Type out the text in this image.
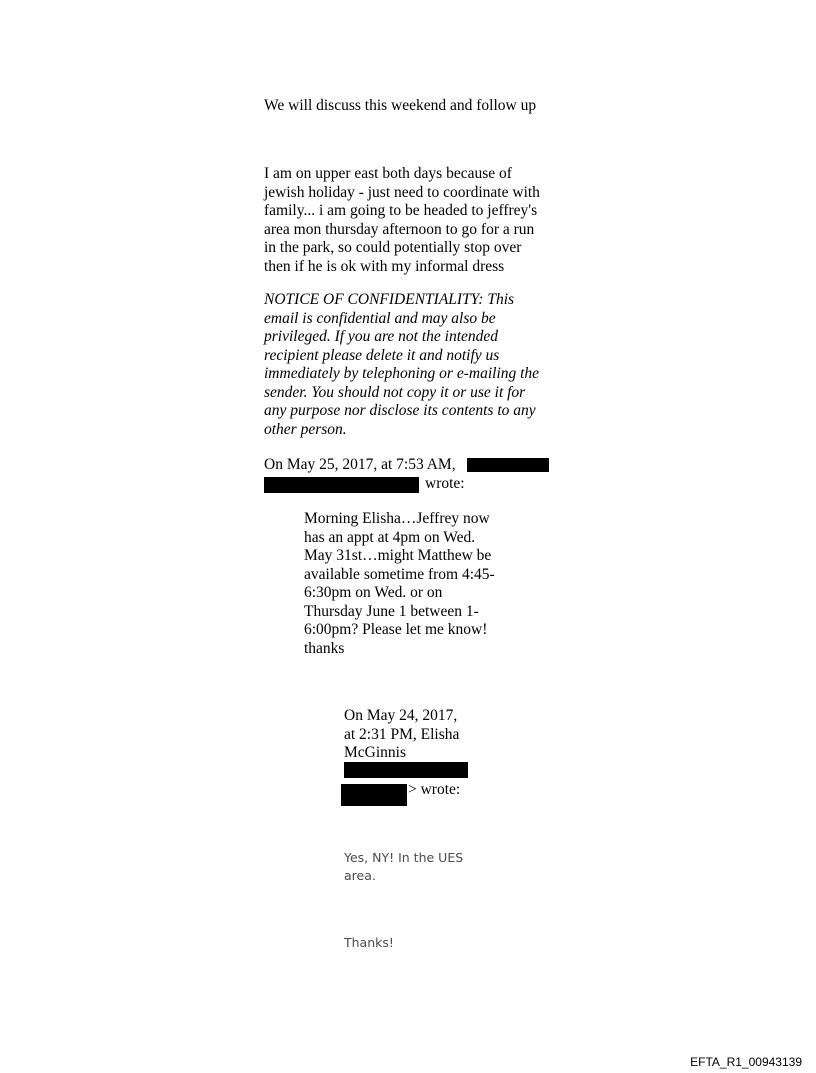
We will discuss this weekend and follow up

I am on upper east both days because of
jewish holiday - just need to coordinate with
family... i am going to be headed to jeffrey's
area mon thursday afternoon to go for a run
in the park, so could potentially stop over
then if he is ok with my informal dress

NOTICE OF CONFIDENTIALITY: This
email is confidential and may also be
privileged. If you are not the intended
recipient please delete it and notify us
immediately by telephoning or e-mailing the
sender. You should not copy it or use it for
any purpose nor disclose its contents to any
other person.

On May 25, 2017, at 7:53 AM,

wrote:

Morning Elisha…Jeffrey now
has an appt at 4pm on Wed.
May 31st…might Matthew be
available sometime from 4:45-
6:30pm on Wed. or on
Thursday June 1 between 1-
6:00pm? Please let me know!
thanks

On May 24, 2017,
at 2:31 PM, Elisha
McGinnis

> wrote:

Yes, NY! In the UES
area.

Thanks!

EFTA_R1_00943139
